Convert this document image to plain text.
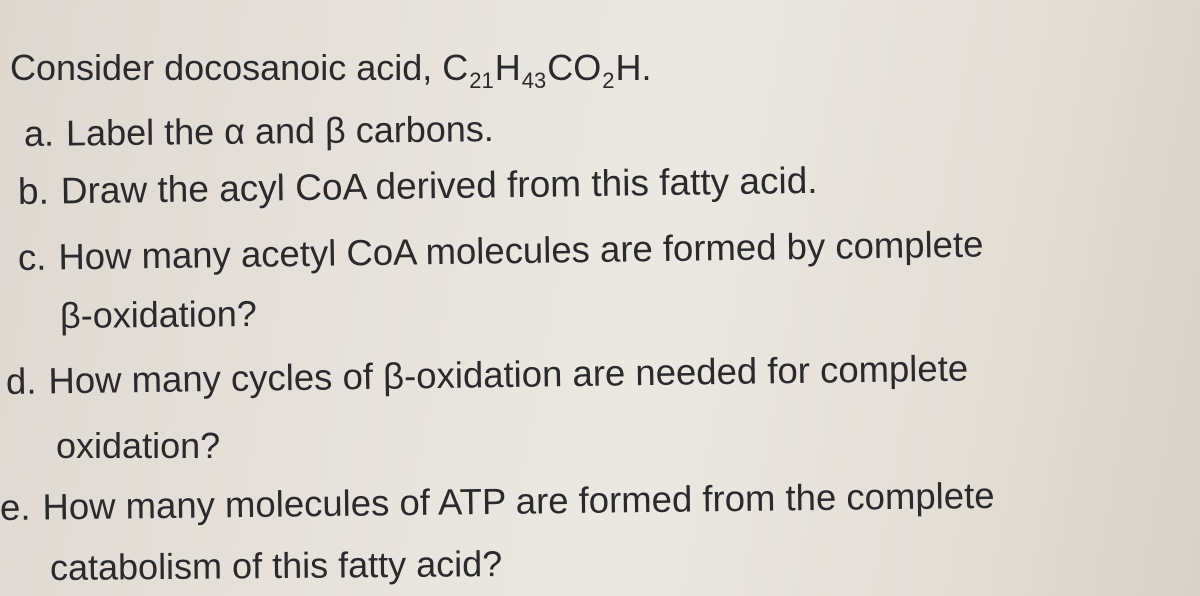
Consider docosanoic acid, $C_{21}H_{43}CO_2H$.
a. Label the α and β carbons.
b. Draw the acyl CoA derived from this fatty acid.
c. How many acetyl CoA molecules are formed by complete
β-oxidation?
d. How many cycles of β-oxidation are needed for complete
oxidation?
e. How many molecules of ATP are formed from the complete
catabolism of this fatty acid?
